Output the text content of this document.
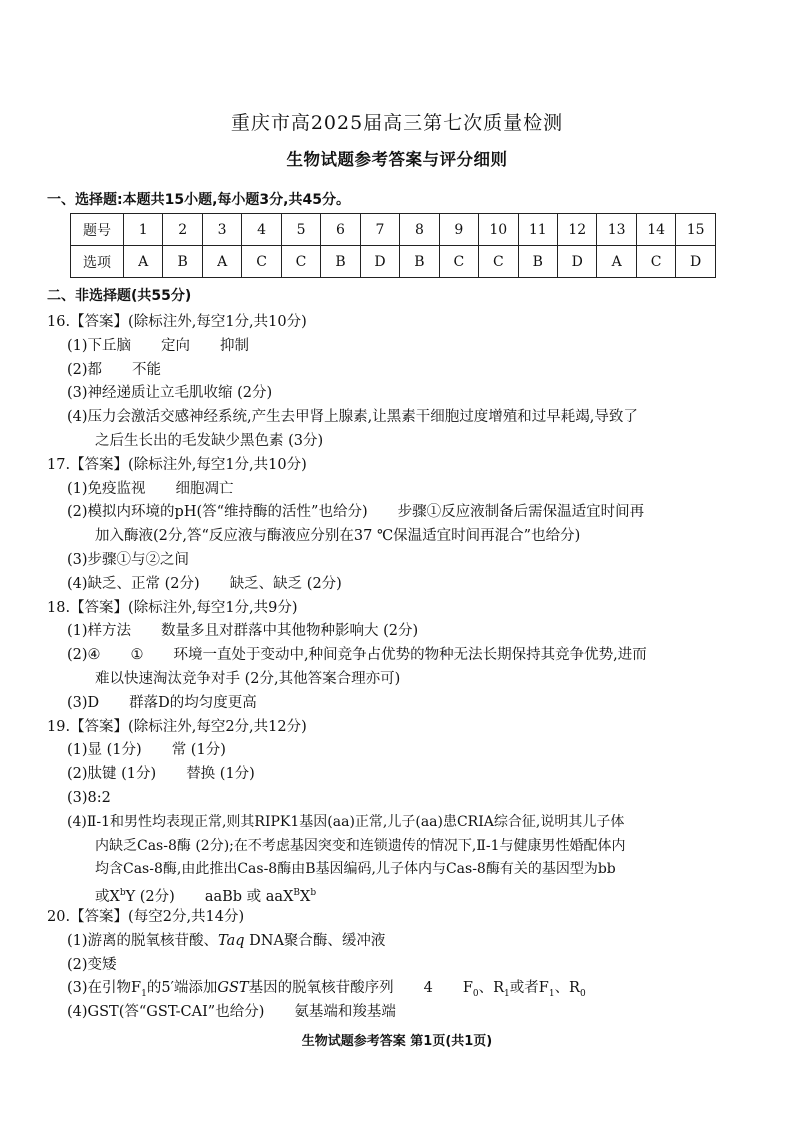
重庆市高2025届高三第七次质量检测
生物试题参考答案与评分细则
一、选择题:本题共15小题,每小题3分,共45分。
题号	1	2	3	4	5	6	7	8	9	10	11	12	13	14	15
选项	A	B	A	C	C	B	D	B	C	C	B	D	A	C	D
二、非选择题(共55分)
16.【答案】(除标注外,每空1分,共10分)
(1)下丘脑 定向 抑制
(2)都 不能
(3)神经递质让立毛肌收缩 (2分)
(4)压力会激活交感神经系统,产生去甲肾上腺素,让黑素干细胞过度增殖和过早耗竭,导致了
之后生长出的毛发缺少黑色素 (3分)
17.【答案】(除标注外,每空1分,共10分)
(1)免疫监视 细胞凋亡
(2)模拟内环境的pH(答“维持酶的活性”也给分) 步骤①反应液制备后需保温适宜时间再
加入酶液(2分,答“反应液与酶液应分别在37 ℃保温适宜时间再混合”也给分)
(3)步骤①与②之间
(4)缺乏、正常 (2分) 缺乏、缺乏 (2分)
18.【答案】(除标注外,每空1分,共9分)
(1)样方法 数量多且对群落中其他物种影响大 (2分)
(2)④ ① 环境一直处于变动中,种间竞争占优势的物种无法长期保持其竞争优势,进而
难以快速淘汰竞争对手 (2分,其他答案合理亦可)
(3)D 群落D的均匀度更高
19.【答案】(除标注外,每空2分,共12分)
(1)显 (1分) 常 (1分)
(2)肽键 (1分) 替换 (1分)
(3)8:2
(4)Ⅱ-1和男性均表现正常,则其RIPK1基因(aa)正常,儿子(aa)患CRIA综合征,说明其儿子体
内缺乏Cas-8酶 (2分);在不考虑基因突变和连锁遗传的情况下,Ⅱ-1与健康男性婚配体内
均含Cas-8酶,由此推出Cas-8酶由B基因编码,儿子体内与Cas-8酶有关的基因型为bb
或$X^bY$ (2分) aaBb 或 $aaX^BX^b$
20.【答案】(每空2分,共14分)
(1)游离的脱氧核苷酸、Taq DNA聚合酶、缓冲液
(2)变矮
(3)在引物$F_1$的5′端添加GST基因的脱氧核苷酸序列 4 $F_0$、$R_1$或者$F_1$、$R_0$
(4)GST(答“GST-CAI”也给分) 氨基端和羧基端
生物试题参考答案 第1页(共1页)
